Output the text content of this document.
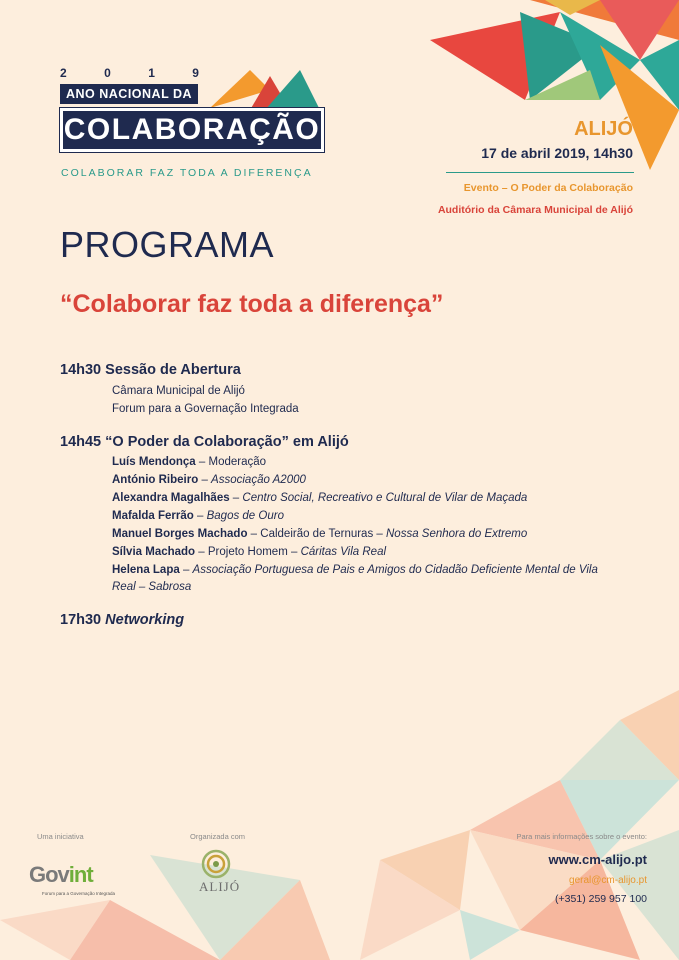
2	0	1	9
ANO NACIONAL DA
COLABORAÇÃO
COLABORAR FAZ TODA A DIFERENÇA
ALIJÓ
17 de abril 2019, 14h30
Evento – O Poder da Colaboração
Auditório da Câmara Municipal de Alijó
PROGRAMA
“Colaborar faz toda a diferença”
14h30 Sessão de Abertura
Câmara Municipal de Alijó
Forum para a Governação Integrada
14h45 “O Poder da Colaboração” em Alijó
Luís Mendonça – Moderação
António Ribeiro – Associação A2000
Alexandra Magalhães – Centro Social, Recreativo e Cultural de Vilar de Maçada
Mafalda Ferrão – Bagos de Ouro
Manuel Borges Machado – Caldeirão de Ternuras – Nossa Senhora do Extremo
Sílvia Machado – Projeto Homem – Cáritas Vila Real
Helena Lapa – Associação Portuguesa de Pais e Amigos do Cidadão Deficiente Mental de Vila
Real – Sabrosa
17h30 Networking
Uma iniciativa
Govint
Forum para a Governação Integrada
Organizada com
ALIJÓ
Para mais informações sobre o evento:
www.cm-alijo.pt
geral@cm-alijo.pt
(+351) 259 957 100
